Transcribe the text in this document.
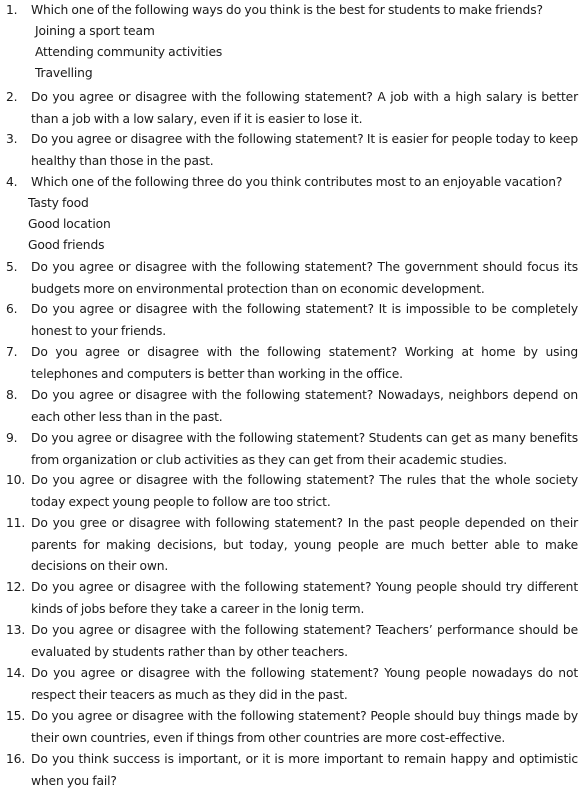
1. Which one of the following ways do you think is the best for students to make friends?
Joining a sport team
Attending community activities
Travelling
2. Do you agree or disagree with the following statement? A job with a high salary is better than a job with a low salary, even if it is easier to lose it.
3. Do you agree or disagree with the following statement? It is easier for people today to keep healthy than those in the past.
4. Which one of the following three do you think contributes most to an enjoyable vacation?
Tasty food
Good location
Good friends
5. Do you agree or disagree with the following statement? The government should focus its budgets more on environmental protection than on economic development.
6. Do you agree or disagree with the following statement? It is impossible to be completely honest to your friends.
7. Do you agree or disagree with the following statement? Working at home by using telephones and computers is better than working in the office.
8. Do you agree or disagree with the following statement? Nowadays, neighbors depend on each other less than in the past.
9. Do you agree or disagree with the following statement? Students can get as many benefits from organization or club activities as they can get from their academic studies.
10. Do you agree or disagree with the following statement? The rules that the whole society today expect young people to follow are too strict.
11. Do you gree or disagree with following statement? In the past people depended on their parents for making decisions, but today, young people are much better able to make decisions on their own.
12. Do you agree or disagree with the following statement? Young people should try different kinds of jobs before they take a career in the lonig term.
13. Do you agree or disagree with the following statement? Teachers’ performance should be evaluated by students rather than by other teachers.
14. Do you agree or disagree with the following statement? Young people nowadays do not respect their teacers as much as they did in the past.
15. Do you agree or disagree with the following statement? People should buy things made by their own countries, even if things from other countries are more cost-effective.
16. Do you think success is important, or it is more important to remain happy and optimistic when you fail?
